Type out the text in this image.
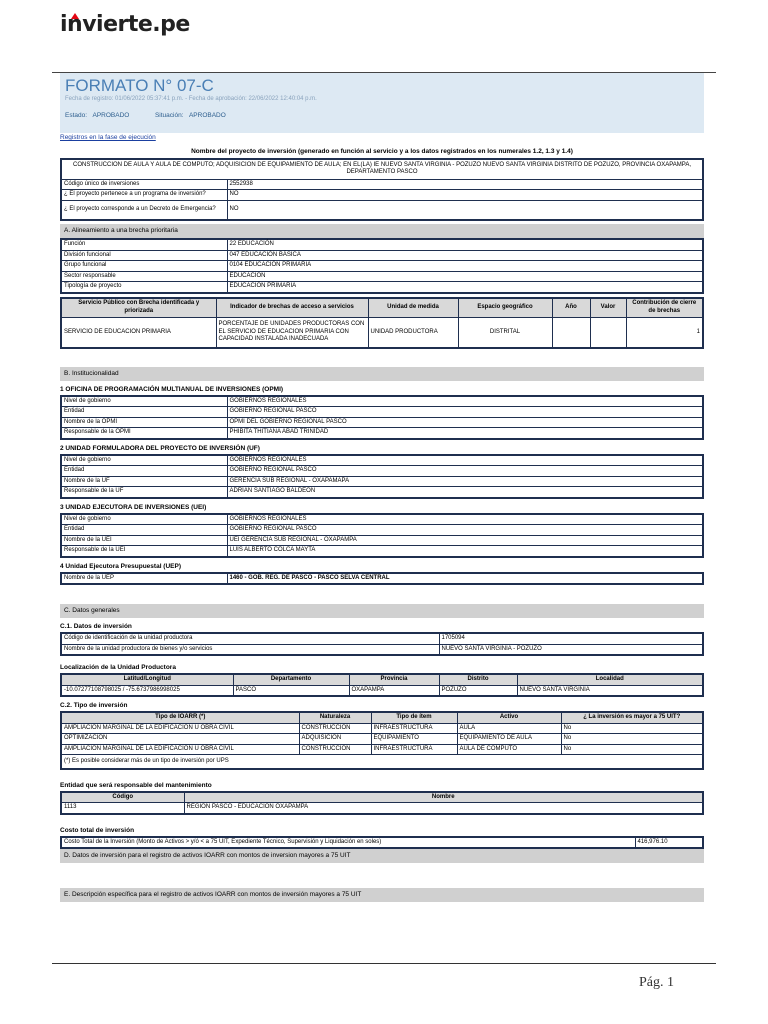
invierte.pe
FORMATO N° 07-C
Fecha de registro: 01/06/2022 05:37:41 p.m. - Fecha de aprobación: 22/06/2022 12:40:04 p.m.
Estado: APROBADO	Situación: APROBADO
Registros en la fase de ejecución
Nombre del proyecto de inversión (generado en función al servicio y a los datos registrados en los numerales 1.2, 1.3 y 1.4)
CONSTRUCCION DE AULA Y AULA DE COMPUTO; ADQUISICION DE EQUIPAMIENTO DE AULA; EN EL(LA) IE NUEVO SANTA VIRGINIA - POZUZO NUEVO SANTA VIRGINIA DISTRITO DE POZUZO, PROVINCIA OXAPAMPA, DEPARTAMENTO PASCO	
Código único de inversiones	2552938
¿ El proyecto pertenece a un programa de inversión?	NO
¿ El proyecto corresponde a un Decreto de Emergencia?	NO
A. Alineamiento a una brecha prioritaria
Función	22 EDUCACIÓN
División funcional	047 EDUCACIÓN BÁSICA
Grupo funcional	0104 EDUCACIÓN PRIMARIA
Sector responsable	EDUCACION
Tipología de proyecto	EDUCACIÓN PRIMARIA
Servicio Público con Brecha identificada y priorizada	Indicador de brechas de acceso a servicios	Unidad de medida	Espacio geográfico	Año	Valor	Contribución de cierre de brechas
SERVICIO DE EDUCACION PRIMARIA	PORCENTAJE DE UNIDADES PRODUCTORAS CON EL SERVICIO DE EDUCACION PRIMARIA CON CAPACIDAD INSTALADA INADECUADA	UNIDAD PRODUCTORA	DISTRITAL			1
B. Institucionalidad
1 OFICINA DE PROGRAMACIÓN MULTIANUAL DE INVERSIONES (OPMI)
Nivel de gobierno	GOBIERNOS REGIONALES
Entidad	GOBIERNO REGIONAL PASCO
Nombre de la OPMI	OPMI DEL GOBIERNO REGIONAL PASCO
Responsable de la OPMI	PHIBITA THITIANA ABAD TRINIDAD
2 UNIDAD FORMULADORA DEL PROYECTO DE INVERSIÓN (UF)
Nivel de gobierno	GOBIERNOS REGIONALES
Entidad	GOBIERNO REGIONAL PASCO
Nombre de la UF	GERENCIA SUB REGIONAL - OXAPAMAPA
Responsable de la UF	ADRIAN SANTIAGO BALDEON
3 UNIDAD EJECUTORA DE INVERSIONES (UEI)
Nivel de gobierno	GOBIERNOS REGIONALES
Entidad	GOBIERNO REGIONAL PASCO
Nombre de la UEI	UEI GERENCIA SUB REGIONAL - OXAPAMPA
Responsable de la UEI	LUIS ALBERTO COLCA MAYTA
4 Unidad Ejecutora Presupuestal (UEP)
Nombre de la UEP	1460 - GOB. REG. DE PASCO - PASCO SELVA CENTRAL
C. Datos generales
C.1. Datos de inversión
Código de identificación de la unidad productora	1705094
Nombre de la unidad productora de bienes y/o servicios	NUEVO SANTA VIRGINIA - POZUZO
Localización de la Unidad Productora
Latitud/Longitud	Departamento	Provincia	Distrito	Localidad
-10.07277108798025 / -75.6737986998025	PASCO	OXAPAMPA	POZUZO	NUEVO SANTA VIRGINIA
C.2. Tipo de inversión
Tipo de IOARR (*)	Naturaleza	Tipo de ítem	Activo	¿ La inversión es mayor a 75 UIT?
AMPLIACION MARGINAL DE LA EDIFICACION U OBRA CIVIL	CONSTRUCCION	INFRAESTRUCTURA	AULA	No
OPTIMIZACION	ADQUISICION	EQUIPAMIENTO	EQUIPAMIENTO DE AULA	No
AMPLIACION MARGINAL DE LA EDIFICACION U OBRA CIVIL	CONSTRUCCION	INFRAESTRUCTURA	AULA DE COMPUTO	No
(*) Es posible considerar más de un tipo de inversión por UPS				
Entidad que será responsable del mantenimiento
Código	Nombre
1113	REGION PASCO - EDUCACION OXAPAMPA
Costo total de inversión
Costo Total de la Inversión (Monto de Activos > y/ó < a 75 UIT, Expediente Técnico, Supervisión y Liquidación en soles)	416,976.10
D. Datos de inversión para el registro de activos IOARR con montos de inversion mayores a 75 UIT
E. Descripción específica para el registro de activos IOARR con montos de inversión mayores a 75 UIT
Pág. 1
